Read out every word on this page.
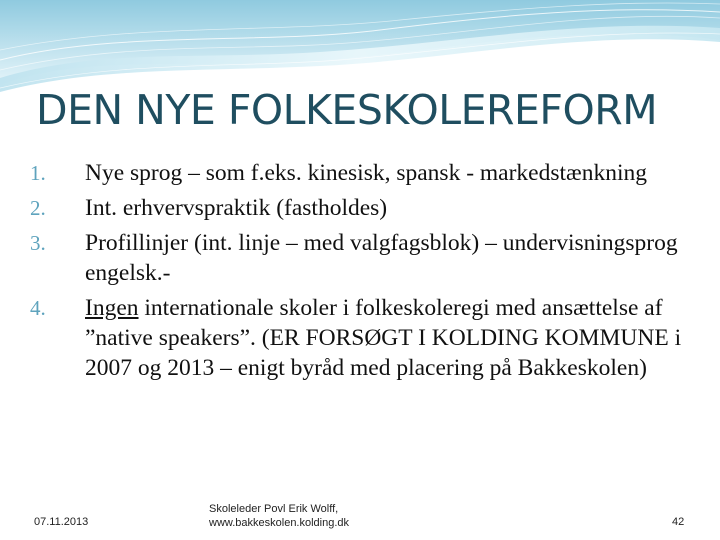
DEN NYE FOLKESKOLEREFORM
1. Nye sprog – som f.eks. kinesisk, spansk - markedstænkning
2. Int. erhvervspraktik (fastholdes)
3. Profillinjer (int. linje – med valgfagsblok) – undervisningsprog engelsk.-
4. Ingen internationale skoler i folkeskoleregi med ansættelse af ”native speakers”. (ER FORSØGT I KOLDING KOMMUNE i 2007 og 2013 – enigt byråd med placering på Bakkeskolen)
07.11.2013
Skoleleder Povl Erik Wolff,
www.bakkeskolen.kolding.dk	42
